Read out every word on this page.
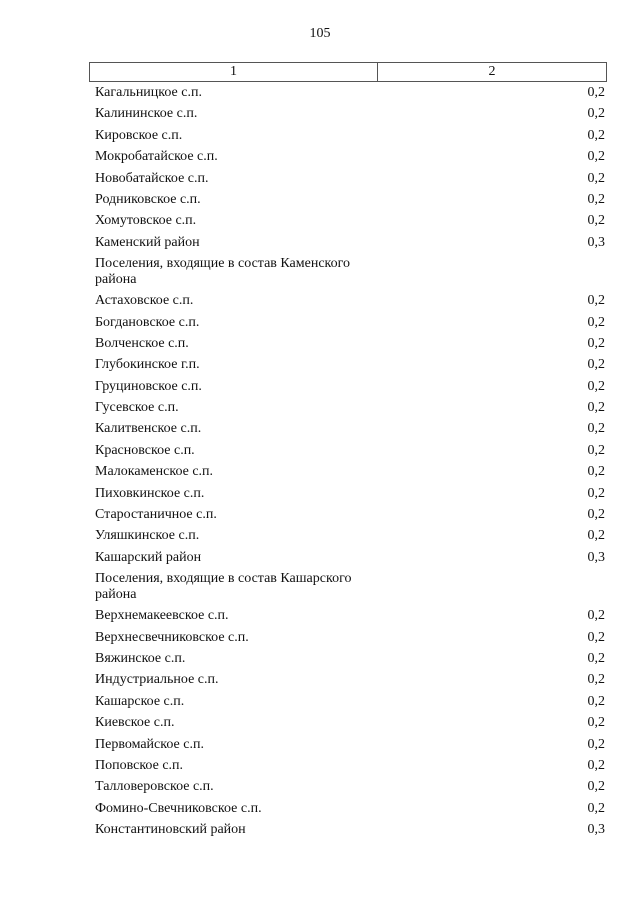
105
1	2
Кагальницкое с.п.	0,2
Калининское с.п.	0,2
Кировское с.п.	0,2
Мокробатайское с.п.	0,2
Новобатайское с.п.	0,2
Родниковское с.п.	0,2
Хомутовское с.п.	0,2
Каменский район	0,3
Поселения, входящие в состав Каменского района
Астаховское с.п.	0,2
Богдановское с.п.	0,2
Волченское с.п.	0,2
Глубокинское г.п.	0,2
Груциновское с.п.	0,2
Гусевское с.п.	0,2
Калитвенское с.п.	0,2
Красновское с.п.	0,2
Малокаменское с.п.	0,2
Пиховкинское с.п.	0,2
Старостаничное с.п.	0,2
Уляшкинское с.п.	0,2
Кашарский район	0,3
Поселения, входящие в состав Кашарского района
Верхнемакеевское с.п.	0,2
Верхнесвечниковское с.п.	0,2
Вяжинское с.п.	0,2
Индустриальное с.п.	0,2
Кашарское с.п.	0,2
Киевское с.п.	0,2
Первомайское с.п.	0,2
Поповское с.п.	0,2
Талловеровское с.п.	0,2
Фомино-Свечниковское с.п.	0,2
Константиновский район	0,3
